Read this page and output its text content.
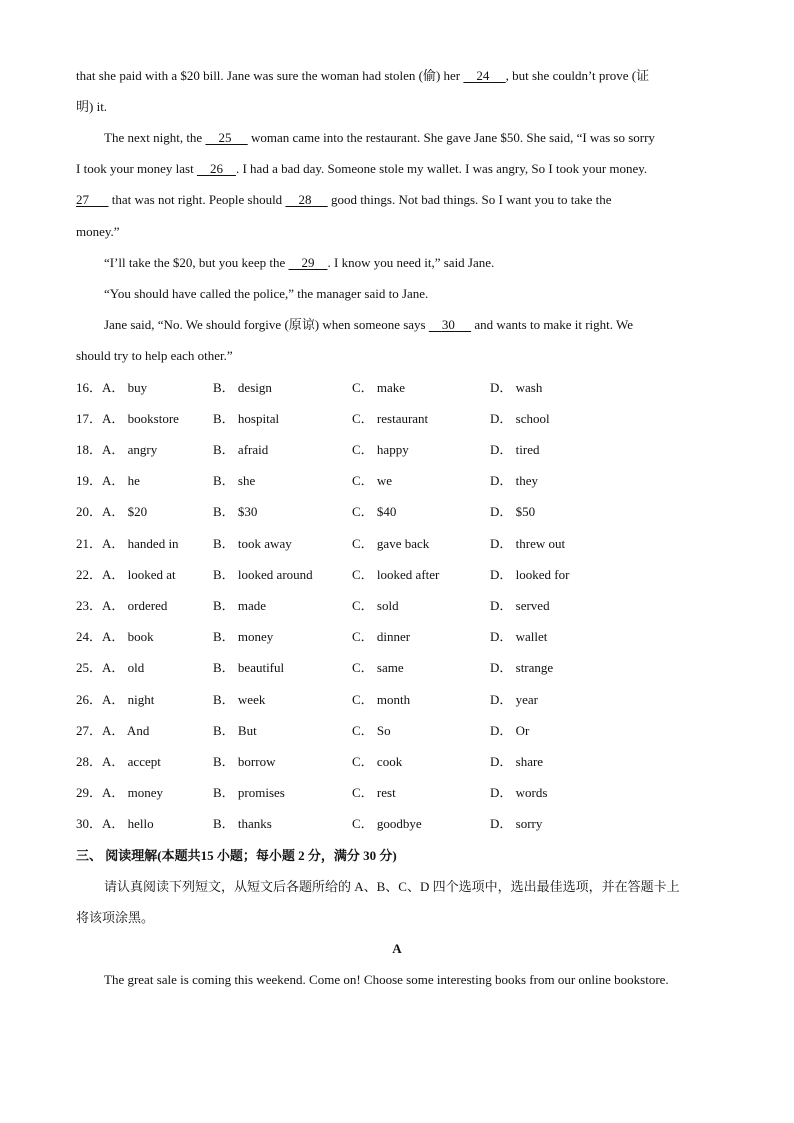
that she paid with a $20 bill. Jane was sure the woman had stolen (偷) her     24 , but she couldn’t prove (证
明) it.
The next night, the     25      woman came into the restaurant. She gave Jane $50. She said, “I was so sorry
I took your money last     26 . I had a bad day. Someone stole my wallet. I was angry, So I took your money.
27       that was not right. People should     28      good things. Not bad things. So I want you to take the
money.”
“I’ll take the $20, but you keep the     29 . I know you need it,” said Jane.
“You should have called the police,” the manager said to Jane.
Jane said, “No. We should forgive (原谅) when someone says     30      and wants to make it right. We
should try to help each other.”
16．A． buy	B． design	C． make	D． wash
17．A． bookstore	B． hospital	C． restaurant	D． school
18．A． angry	B． afraid	C． happy	D． tired
19．A． he	B． she	C． we	D． they
20．A． $20	B． $30	C． $40	D． $50
21．A． handed in	B． took away	C． gave back	D． threw out
22．A． looked at	B． looked around	C． looked after	D． looked for
23．A． ordered	B． made	C． sold	D． served
24．A． book	B． money	C． dinner	D． wallet
25．A． old	B． beautiful	C． same	D． strange
26．A． night	B． week	C． month	D． year
27．A． And	B． But	C． So	D． Or
28．A． accept	B． borrow	C． cook	D． share
29．A． money	B． promises	C． rest	D． words
30．A． hello	B． thanks	C． goodbye	D． sorry
三、 阅读理解(本题共15 小题；每小题 2 分，满分 30 分)
请认真阅读下列短文，从短文后各题所给的 A、B、C、D 四个选项中，选出最佳选项，并在答题卡上
将该项涂黑。
A
The great sale is coming this weekend. Come on! Choose some interesting books from our online bookstore.
